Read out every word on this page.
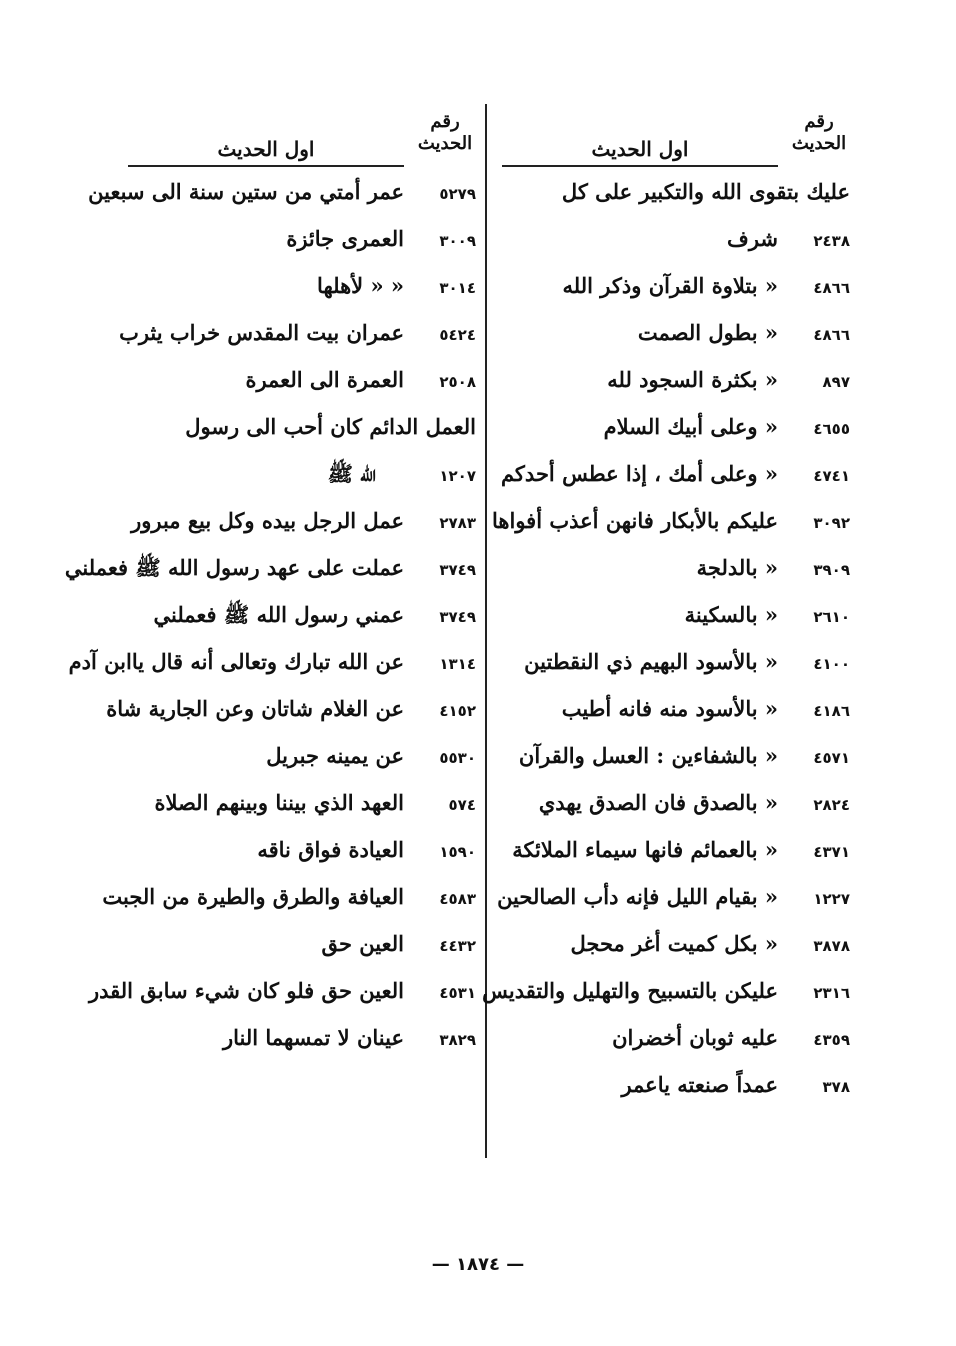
رقم
الحديث
اول الحديث
عليك بتقوى الله والتكبير على كل
شرف	٢٤٣٨
« بتلاوة القرآن وذكر الله	٤٨٦٦
« بطول الصمت	٤٨٦٦
« بكثرة السجود لله	٨٩٧
« وعلى أبيك السلام	٤٦٥٥
« وعلى أمك ، إذا عطس أحدكم	٤٧٤١
عليكم بالأبكار فانهن أعذب أفواها	٣٠٩٢
« بالدلجة	٣٩٠٩
« بالسكينة	٢٦١٠
« بالأسود البهيم ذي النقطتين	٤١٠٠
« بالأسود منه فانه أطيب	٤١٨٦
« بالشفاءين : العسل والقرآن	٤٥٧١
« بالصدق فان الصدق يهدي	٢٨٢٤
« بالعمائم فانها سيماء الملائكة	٤٣٧١
« بقيام الليل فإنه دأب الصالحين	١٢٢٧
« بكل كميت أغر محجل	٣٨٧٨
عليكن بالتسبيح والتهليل والتقديس	٢٣١٦
عليه ثوبان أخضران	٤٣٥٩
عمداً صنعته ياعمر	٣٧٨
رقم
الحديث
اول الحديث
عمر أمتي من ستين سنة الى سبعين	٥٢٧٩
العمرى جائزة	٣٠٠٩
« « لأهلها	٣٠١٤
عمران بيت المقدس خراب يثرب	٥٤٢٤
العمرة الى العمرة	٢٥٠٨
العمل الدائم كان أحب الى رسول
الله ﷺ	١٢٠٧
عمل الرجل بيده وكل بيع مبرور	٢٧٨٣
عملت على عهد رسول الله ﷺ فعملني	٣٧٤٩
عمني رسول الله ﷺ فعملني	٣٧٤٩
عن الله تبارك وتعالى أنه قال ياابن آدم	١٣١٤
عن الغلام شاتان وعن الجارية شاة	٤١٥٢
عن يمينه جبريل	٥٥٣٠
العهد الذي بيننا وبينهم الصلاة	٥٧٤
العيادة فواق ناقه	١٥٩٠
العيافة والطرق والطيرة من الجبت	٤٥٨٣
العين حق	٤٤٣٢
العين حق فلو كان شيء سابق القدر	٤٥٣١
عينان لا تمسهما النار	٣٨٢٩
— ١٨٧٤ —
